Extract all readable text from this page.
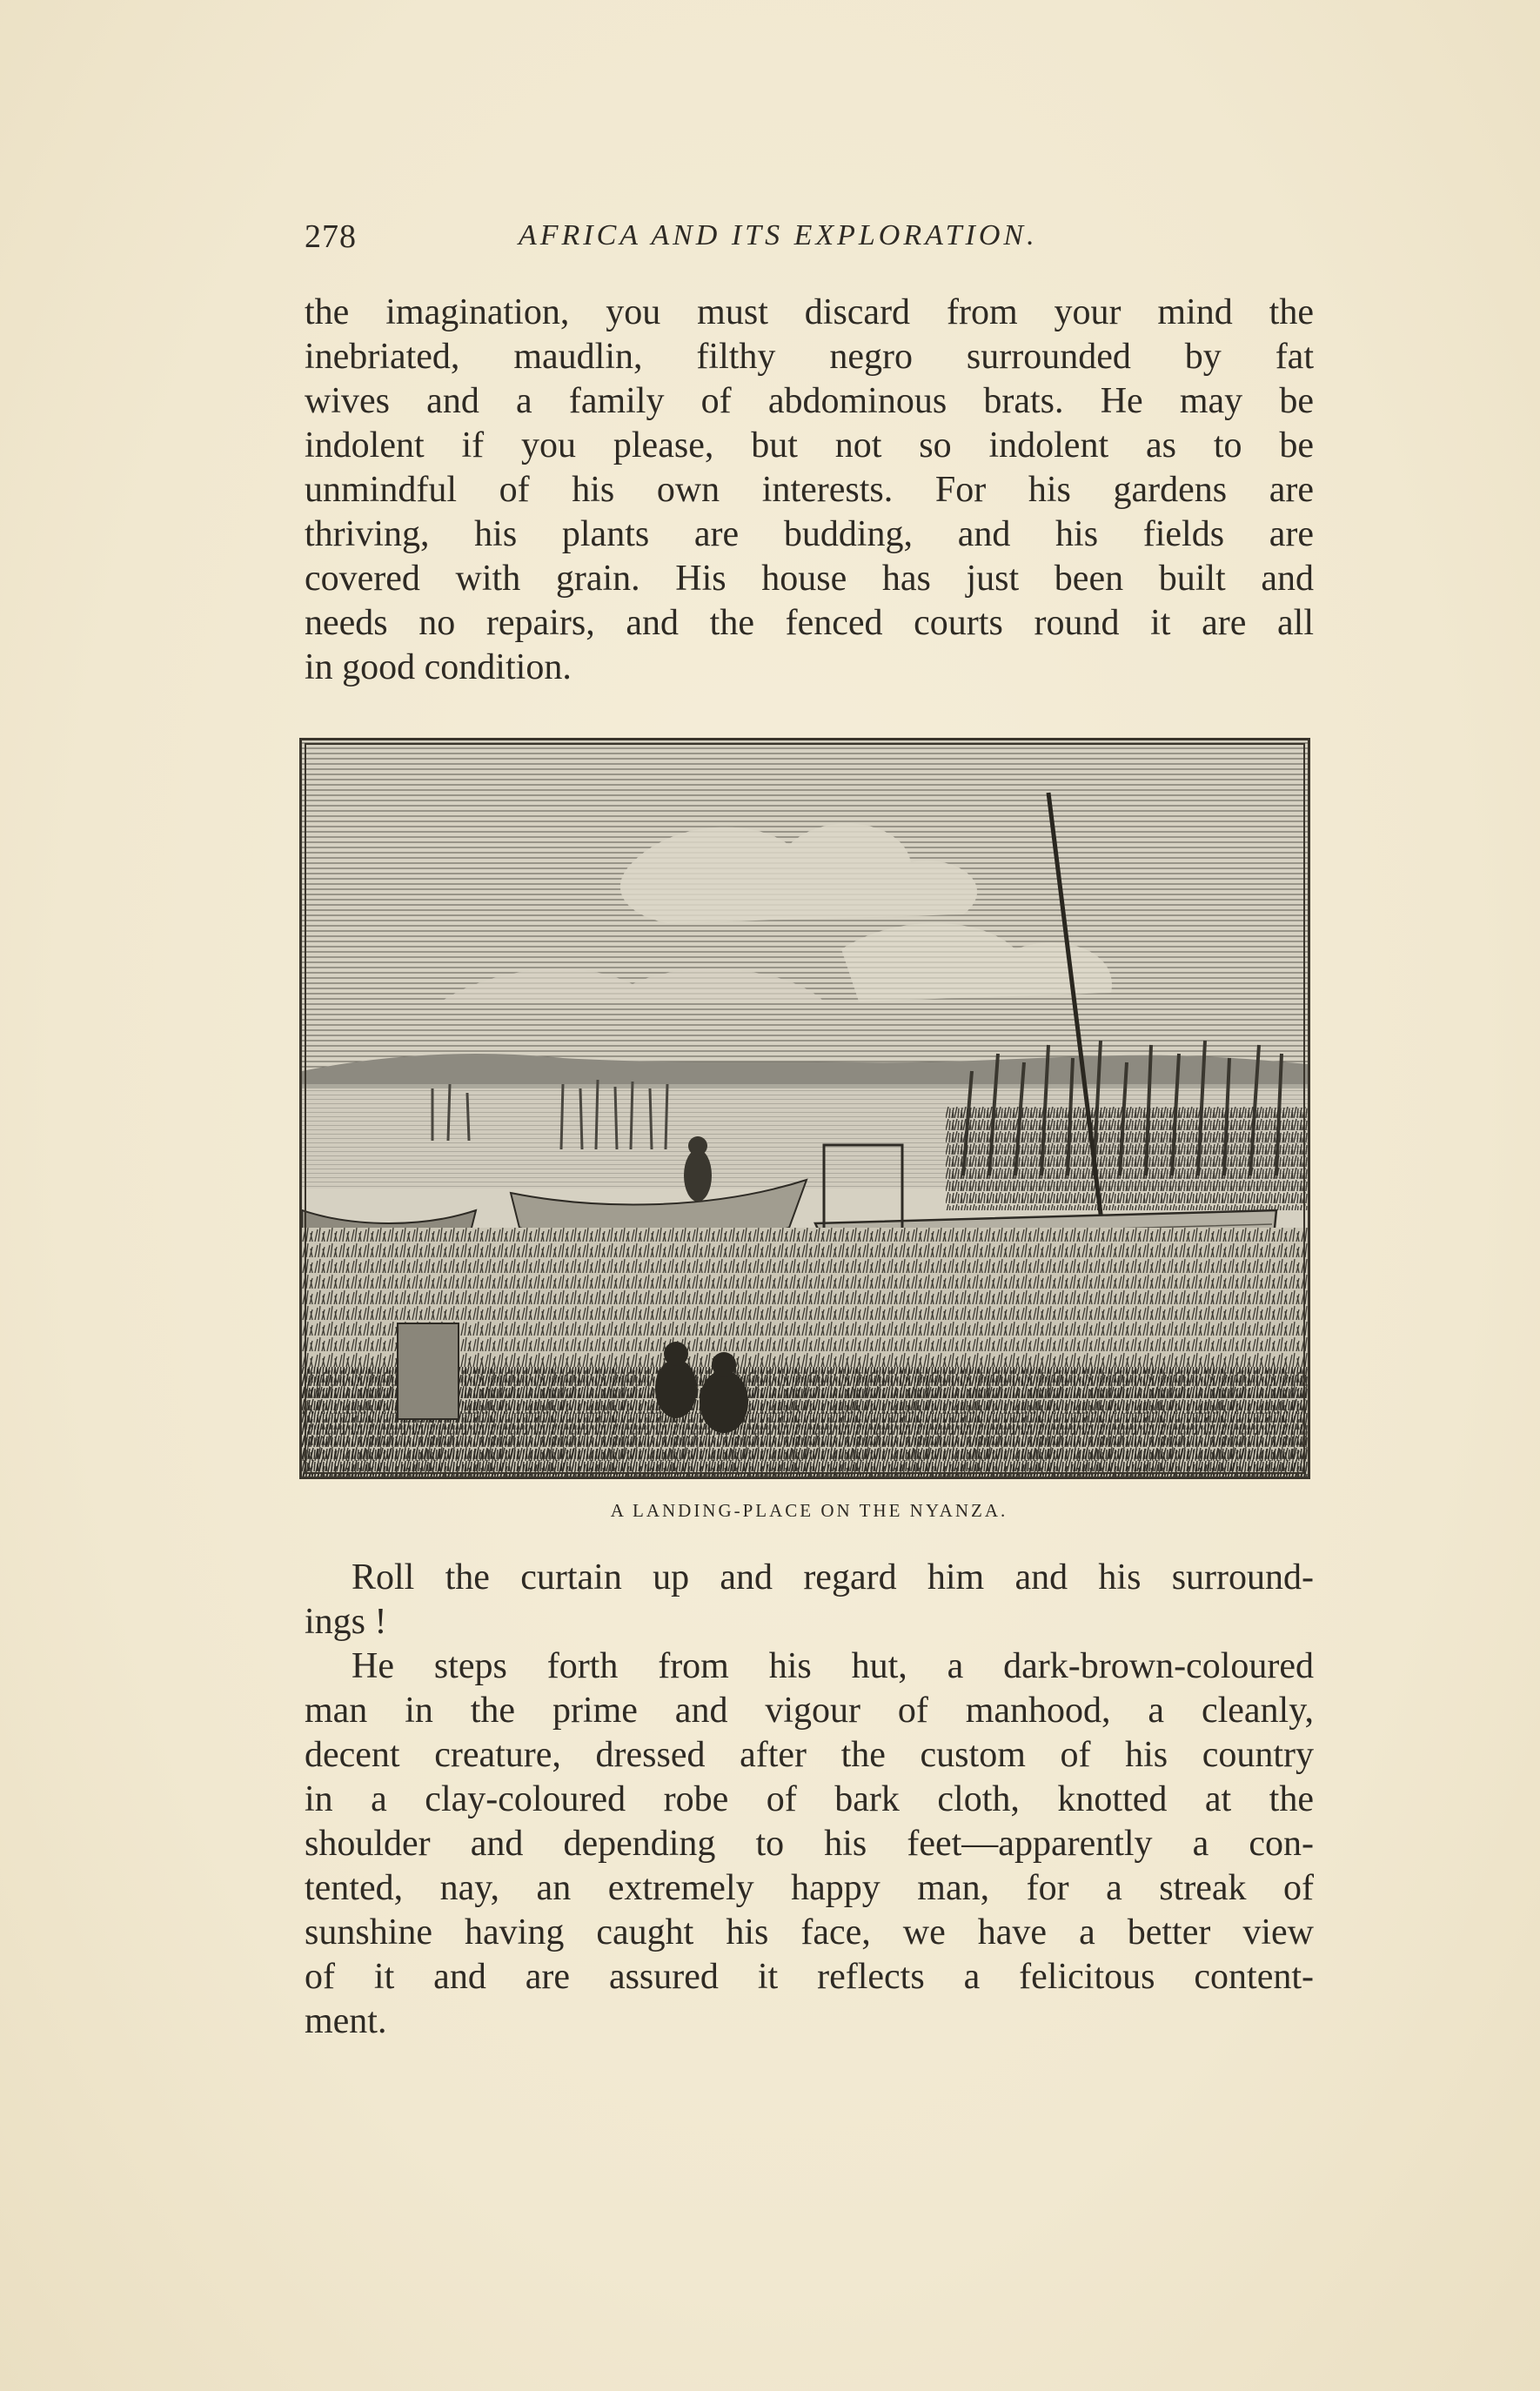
278	AFRICA AND ITS EXPLORATION.
the imagination, you must discard from your mind the
inebriated, maudlin, filthy negro surrounded by fat
wives and a family of abdominous brats. He may be
indolent if you please, but not so indolent as to be
unmindful of his own interests. For his gardens are
thriving, his plants are budding, and his fields are
covered with grain. His house has just been built and
needs no repairs, and the fenced courts round it are all
in good condition.
A LANDING-PLACE ON THE NYANZA.
Roll the curtain up and regard him and his surround-
ings !
He steps forth from his hut, a dark-brown-coloured
man in the prime and vigour of manhood, a cleanly,
decent creature, dressed after the custom of his country
in a clay-coloured robe of bark cloth, knotted at the
shoulder and depending to his feet—apparently a con-
tented, nay, an extremely happy man, for a streak of
sunshine having caught his face, we have a better view
of it and are assured it reflects a felicitous content-
ment.
